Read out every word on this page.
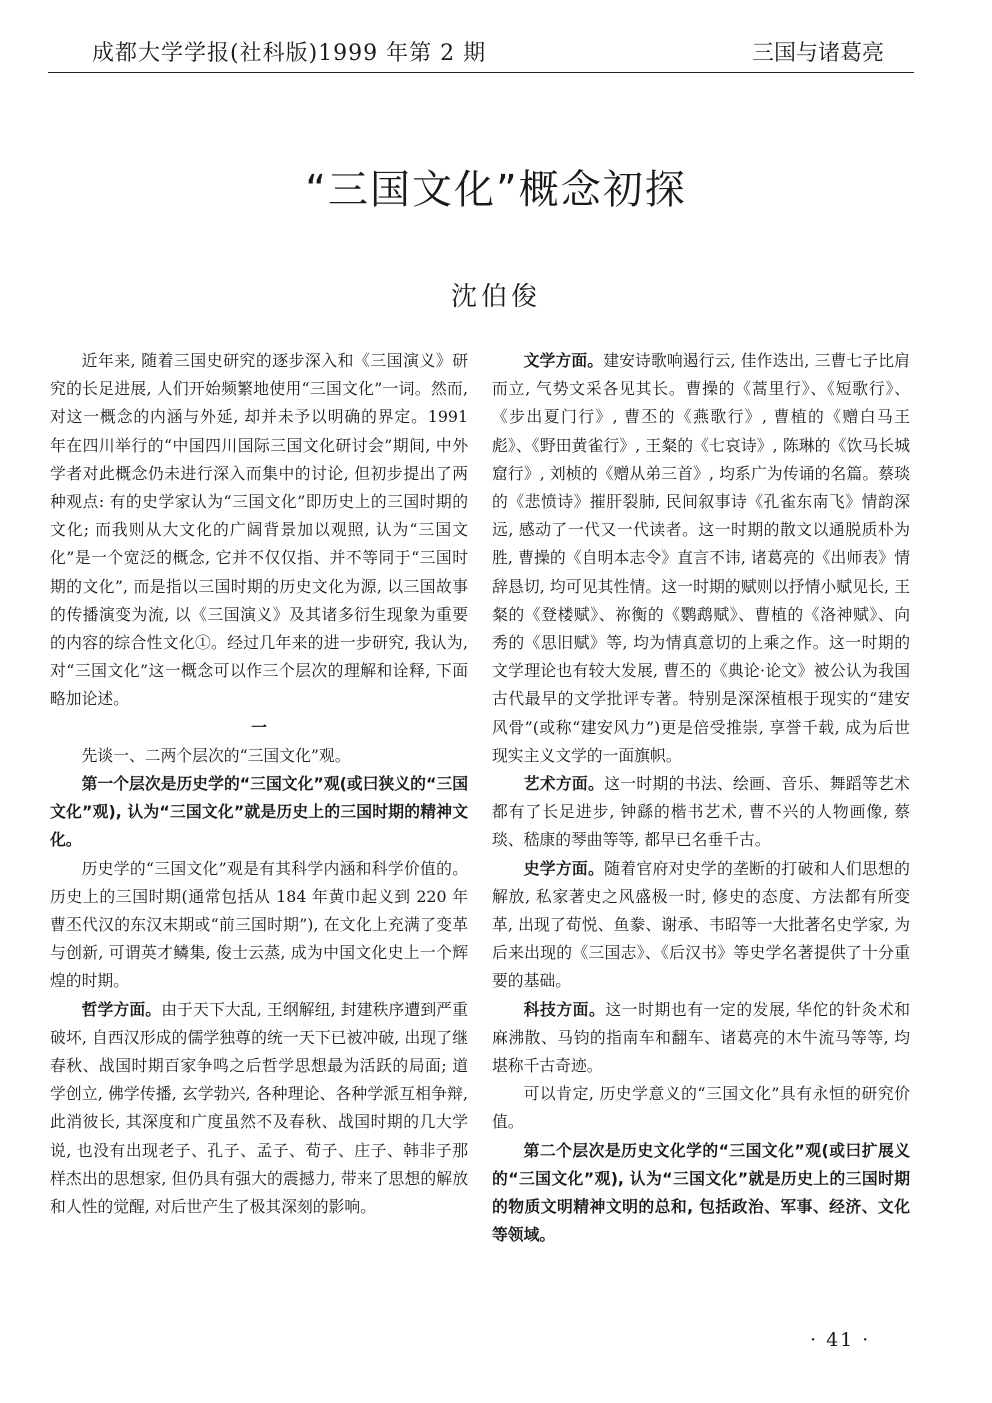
成都大学学报(社科版)1999 年第 2 期	三国与诸葛亮
“三国文化”概念初探
沈伯俊

近年来, 随着三国史研究的逐步深入和《三国演义》研究的长足进展, 人们开始频繁地使用“三国文化”一词。然而, 对这一概念的内涵与外延, 却并未予以明确的界定。1991 年在四川举行的“中国四川国际三国文化研讨会”期间, 中外学者对此概念仍未进行深入而集中的讨论, 但初步提出了两种观点: 有的史学家认为“三国文化”即历史上的三国时期的文化; 而我则从大文化的广阔背景加以观照, 认为“三国文化”是一个宽泛的概念, 它并不仅仅指、并不等同于“三国时期的文化”, 而是指以三国时期的历史文化为源, 以三国故事的传播演变为流, 以《三国演义》及其诸多衍生现象为重要的内容的综合性文化①。经过几年来的进一步研究, 我认为, 对“三国文化”这一概念可以作三个层次的理解和诠释, 下面略加论述。

一

先谈一、二两个层次的“三国文化”观。

第一个层次是历史学的“三国文化”观(或曰狭义的“三国文化”观), 认为“三国文化”就是历史上的三国时期的精神文化。

历史学的“三国文化”观是有其科学内涵和科学价值的。历史上的三国时期(通常包括从 184 年黄巾起义到 220 年曹丕代汉的东汉末期或“前三国时期”), 在文化上充满了变革与创新, 可谓英才鳞集, 俊士云蒸, 成为中国文化史上一个辉煌的时期。

哲学方面。由于天下大乱, 王纲解纽, 封建秩序遭到严重破坏, 自西汉形成的儒学独尊的统一天下已被冲破, 出现了继春秋、战国时期百家争鸣之后哲学思想最为活跃的局面; 道学创立, 佛学传播, 玄学勃兴, 各种理论、各种学派互相争辩, 此消彼长, 其深度和广度虽然不及春秋、战国时期的几大学说, 也没有出现老子、孔子、孟子、荀子、庄子、韩非子那样杰出的思想家, 但仍具有强大的震撼力, 带来了思想的解放和人性的觉醒, 对后世产生了极其深刻的影响。

文学方面。建安诗歌响遏行云, 佳作迭出, 三曹七子比肩而立, 气势文采各见其长。曹操的《蒿里行》、《短歌行》、《步出夏门行》, 曹丕的《燕歌行》, 曹植的《赠白马王彪》、《野田黄雀行》, 王粲的《七哀诗》, 陈琳的《饮马长城窟行》, 刘桢的《赠从弟三首》, 均系广为传诵的名篇。蔡琰的《悲愤诗》摧肝裂肺, 民间叙事诗《孔雀东南飞》情韵深远, 感动了一代又一代读者。这一时期的散文以通脱质朴为胜, 曹操的《自明本志令》直言不讳, 诸葛亮的《出师表》情辞恳切, 均可见其性情。这一时期的赋则以抒情小赋见长, 王粲的《登楼赋》、祢衡的《鹦鹉赋》、曹植的《洛神赋》、向秀的《思旧赋》等, 均为情真意切的上乘之作。这一时期的文学理论也有较大发展, 曹丕的《典论·论文》被公认为我国古代最早的文学批评专著。特别是深深植根于现实的“建安风骨”(或称“建安风力”)更是倍受推崇, 享誉千载, 成为后世现实主义文学的一面旗帜。

艺术方面。这一时期的书法、绘画、音乐、舞蹈等艺术都有了长足进步, 钟繇的楷书艺术, 曹不兴的人物画像, 蔡琰、嵇康的琴曲等等, 都早已名垂千古。

史学方面。随着官府对史学的垄断的打破和人们思想的解放, 私家著史之风盛极一时, 修史的态度、方法都有所变革, 出现了荀悦、鱼豢、谢承、韦昭等一大批著名史学家, 为后来出现的《三国志》、《后汉书》等史学名著提供了十分重要的基础。

科技方面。这一时期也有一定的发展, 华佗的针灸术和麻沸散、马钧的指南车和翻车、诸葛亮的木牛流马等等, 均堪称千古奇迹。

可以肯定, 历史学意义的“三国文化”具有永恒的研究价值。

第二个层次是历史文化学的“三国文化”观(或曰扩展义的“三国文化”观), 认为“三国文化”就是历史上的三国时期的物质文明精神文明的总和, 包括政治、军事、经济、文化等领域。

· 41 ·
